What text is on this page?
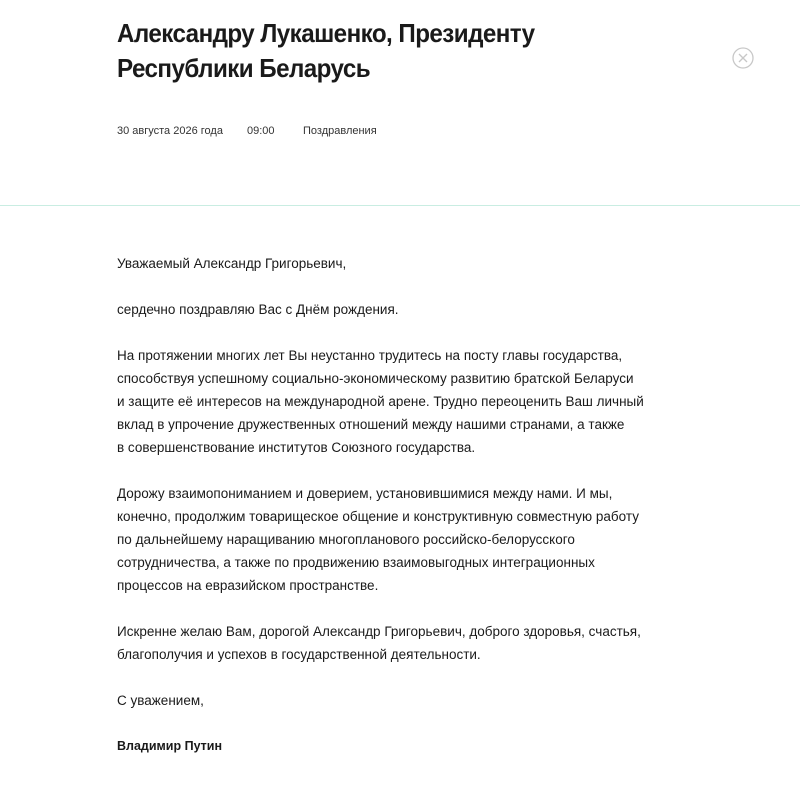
Александру Лукашенко, Президенту Республики Беларусь
30 августа 2026 года 09:00	Поздравления

Уважаемый Александр Григорьевич,

сердечно поздравляю Вас с Днём рождения.

На протяжении многих лет Вы неустанно трудитесь на посту главы государства,
способствуя успешному социально-экономическому развитию братской Беларуси
и защите её интересов на международной арене. Трудно переоценить Ваш личный
вклад в упрочение дружественных отношений между нашими странами, а также
в совершенствование институтов Союзного государства.

Дорожу взаимопониманием и доверием, установившимися между нами. И мы,
конечно, продолжим товарищеское общение и конструктивную совместную работу
по дальнейшему наращиванию многопланового российско-белорусского
сотрудничества, а также по продвижению взаимовыгодных интеграционных
процессов на евразийском пространстве.

Искренне желаю Вам, дорогой Александр Григорьевич, доброго здоровья, счастья,
благополучия и успехов в государственной деятельности.

С уважением,

Владимир Путин
